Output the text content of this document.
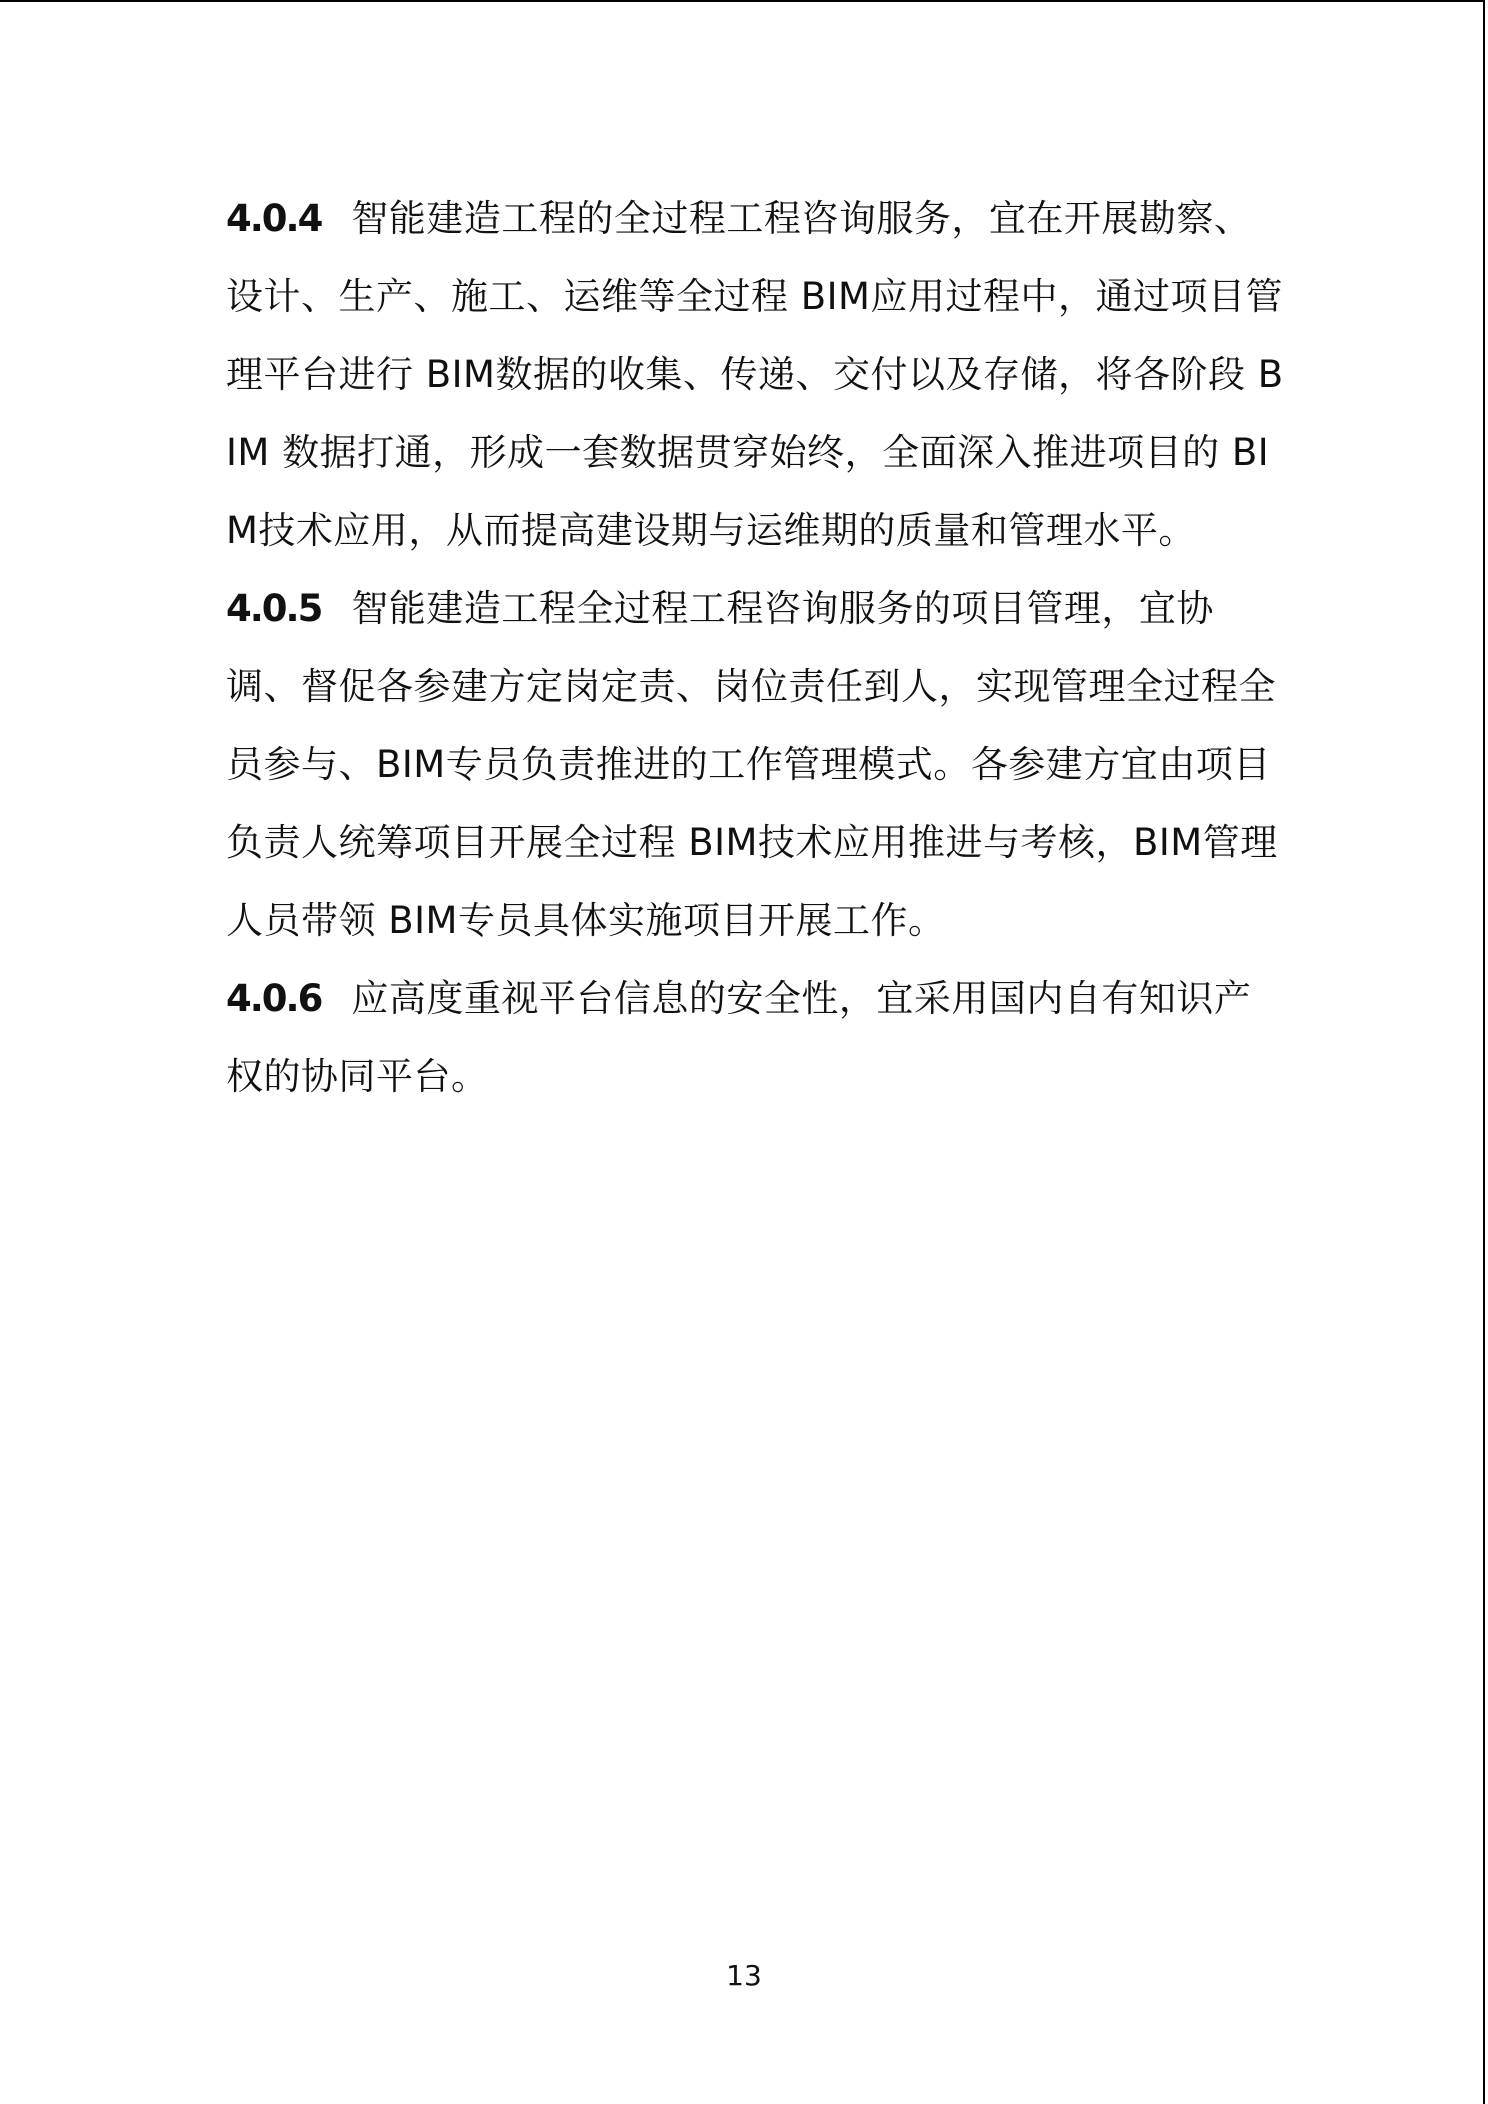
4.0.4 智能建造工程的全过程工程咨询服务，宜在开展勘察、设计、生产、施工、运维等全过程 BIM应用过程中，通过项目管理平台进行 BIM数据的收集、传递、交付以及存储，将各阶段 BIM 数据打通，形成一套数据贯穿始终，全面深入推进项目的 BIM技术应用，从而提高建设期与运维期的质量和管理水平。

4.0.5 智能建造工程全过程工程咨询服务的项目管理，宜协调、督促各参建方定岗定责、岗位责任到人，实现管理全过程全员参与、BIM专员负责推进的工作管理模式。各参建方宜由项目负责人统筹项目开展全过程 BIM技术应用推进与考核，BIM管理人员带领 BIM专员具体实施项目开展工作。

4.0.6 应高度重视平台信息的安全性，宜采用国内自有知识产权的协同平台。

13
